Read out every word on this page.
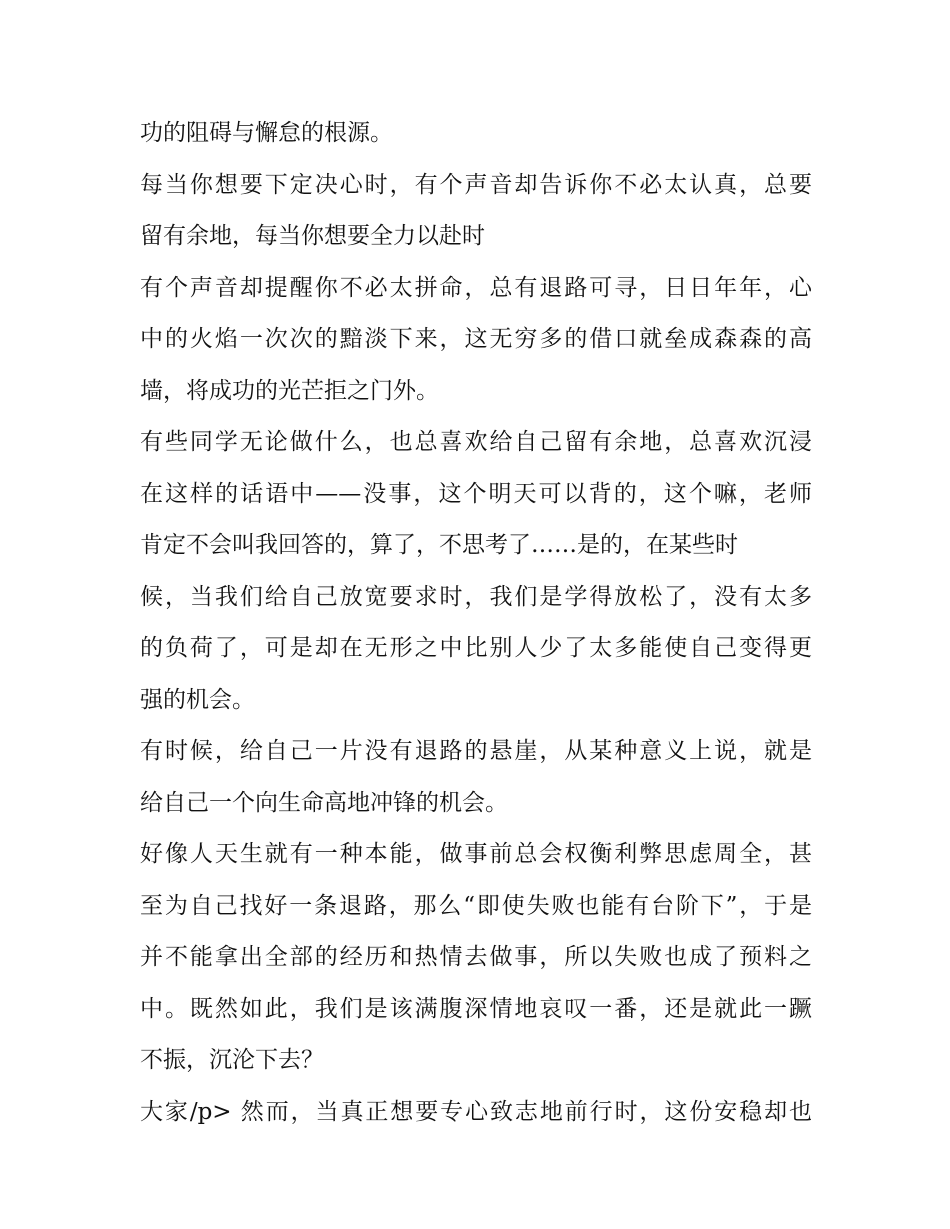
功的阻碍与懈怠的根源。
每当你想要下定决心时，有个声音却告诉你不必太认真，总要
留有余地，每当你想要全力以赴时
有个声音却提醒你不必太拼命，总有退路可寻，日日年年，心
中的火焰一次次的黯淡下来，这无穷多的借口就垒成森森的高
墙，将成功的光芒拒之门外。
有些同学无论做什么，也总喜欢给自己留有余地，总喜欢沉浸
在这样的话语中——没事，这个明天可以背的，这个嘛，老师
肯定不会叫我回答的，算了，不思考了……是的，在某些时
候，当我们给自己放宽要求时，我们是学得放松了，没有太多
的负荷了，可是却在无形之中比别人少了太多能使自己变得更
强的机会。
有时候，给自己一片没有退路的悬崖，从某种意义上说，就是
给自己一个向生命高地冲锋的机会。
好像人天生就有一种本能，做事前总会权衡利弊思虑周全，甚
至为自己找好一条退路，那么“即使失败也能有台阶下”，于是
并不能拿出全部的经历和热情去做事，所以失败也成了预料之
中。既然如此，我们是该满腹深情地哀叹一番，还是就此一蹶
不振，沉沦下去？
大家/p> 然而，当真正想要专心致志地前行时，这份安稳却也
